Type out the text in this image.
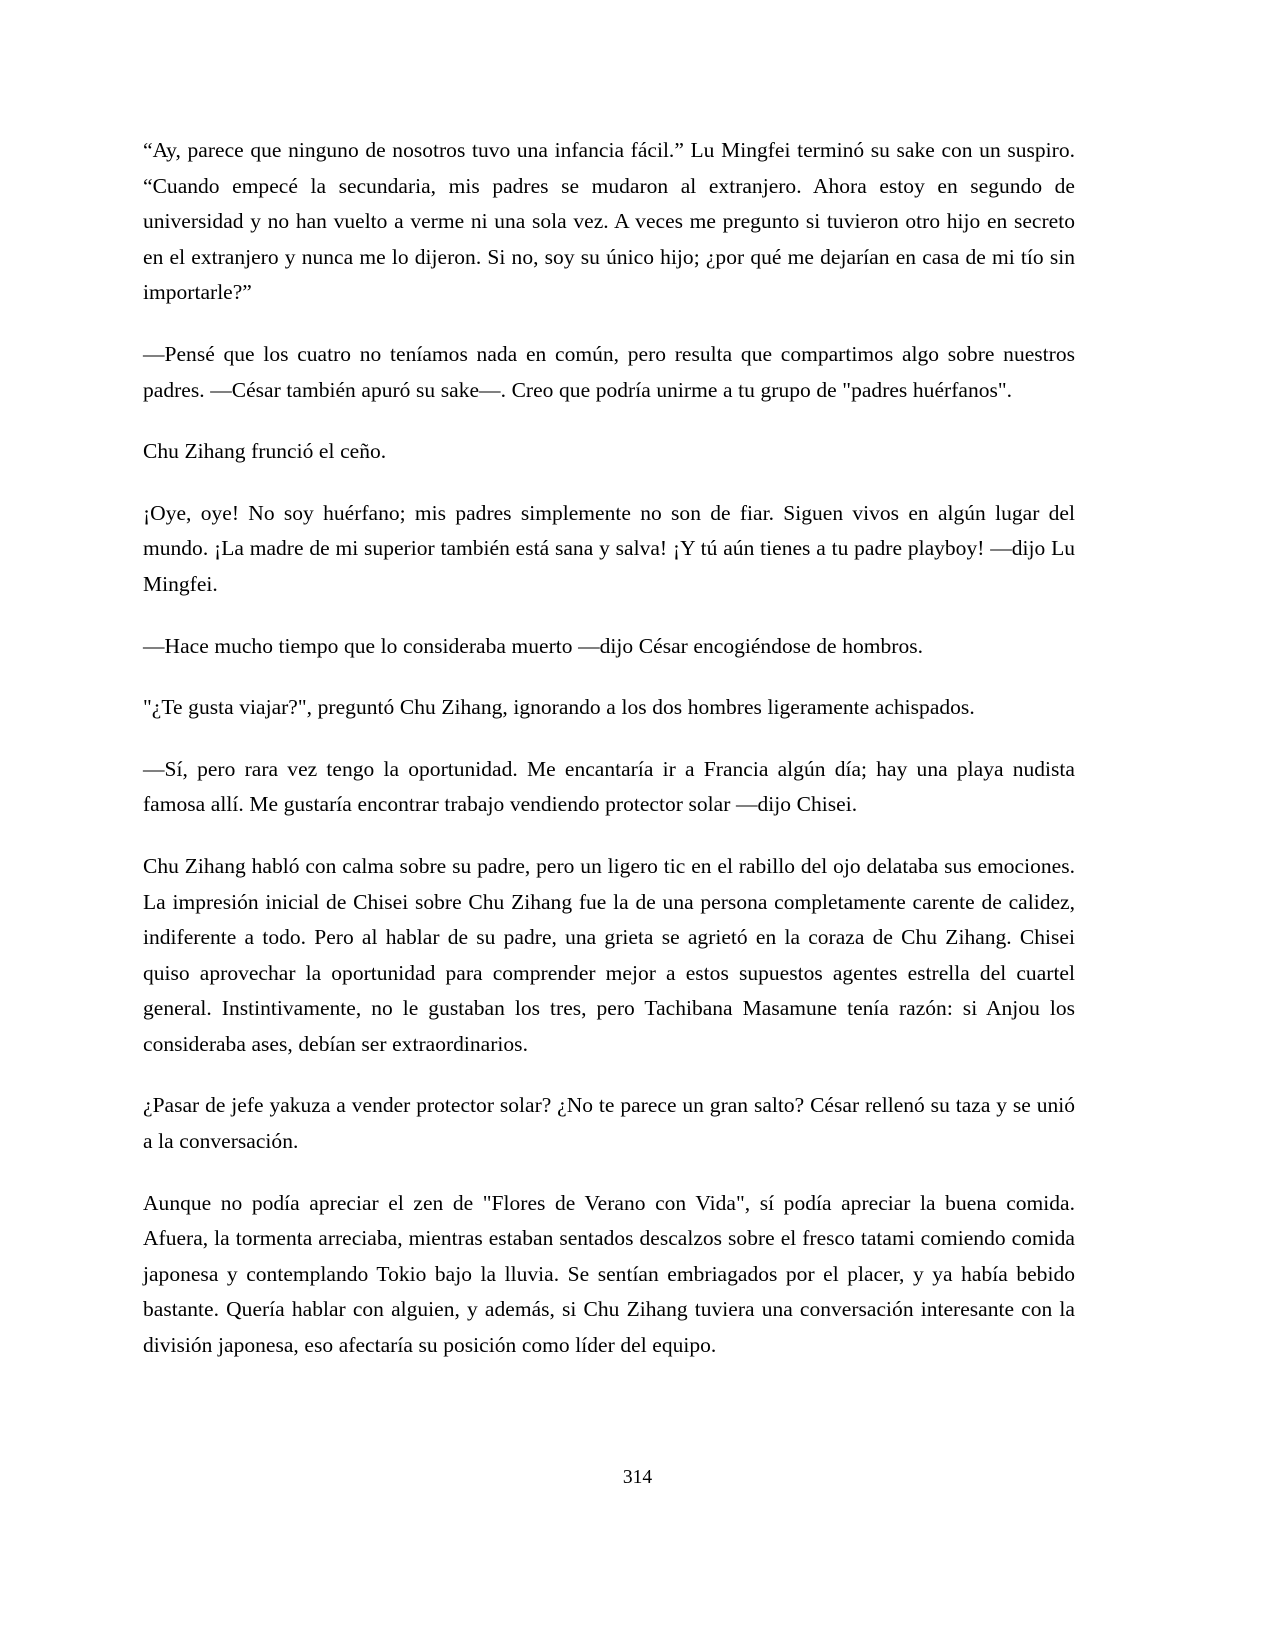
“Ay, parece que ninguno de nosotros tuvo una infancia fácil.” Lu Mingfei terminó su sake con un suspiro. “Cuando empecé la secundaria, mis padres se mudaron al extranjero. Ahora estoy en segundo de universidad y no han vuelto a verme ni una sola vez. A veces me pregunto si tuvieron otro hijo en secreto en el extranjero y nunca me lo dijeron. Si no, soy su único hijo; ¿por qué me dejarían en casa de mi tío sin importarle?”

—Pensé que los cuatro no teníamos nada en común, pero resulta que compartimos algo sobre nuestros padres. —César también apuró su sake—. Creo que podría unirme a tu grupo de "padres huérfanos".

Chu Zihang frunció el ceño.

¡Oye, oye! No soy huérfano; mis padres simplemente no son de fiar. Siguen vivos en algún lugar del mundo. ¡La madre de mi superior también está sana y salva! ¡Y tú aún tienes a tu padre playboy! —dijo Lu Mingfei.

—Hace mucho tiempo que lo consideraba muerto —dijo César encogiéndose de hombros.

"¿Te gusta viajar?", preguntó Chu Zihang, ignorando a los dos hombres ligeramente achispados.

—Sí, pero rara vez tengo la oportunidad. Me encantaría ir a Francia algún día; hay una playa nudista famosa allí. Me gustaría encontrar trabajo vendiendo protector solar —dijo Chisei.

Chu Zihang habló con calma sobre su padre, pero un ligero tic en el rabillo del ojo delataba sus emociones. La impresión inicial de Chisei sobre Chu Zihang fue la de una persona completamente carente de calidez, indiferente a todo. Pero al hablar de su padre, una grieta se agrietó en la coraza de Chu Zihang. Chisei quiso aprovechar la oportunidad para comprender mejor a estos supuestos agentes estrella del cuartel general. Instintivamente, no le gustaban los tres, pero Tachibana Masamune tenía razón: si Anjou los consideraba ases, debían ser extraordinarios.

¿Pasar de jefe yakuza a vender protector solar? ¿No te parece un gran salto? César rellenó su taza y se unió a la conversación.

Aunque no podía apreciar el zen de "Flores de Verano con Vida", sí podía apreciar la buena comida. Afuera, la tormenta arreciaba, mientras estaban sentados descalzos sobre el fresco tatami comiendo comida japonesa y contemplando Tokio bajo la lluvia. Se sentían embriagados por el placer, y ya había bebido bastante. Quería hablar con alguien, y además, si Chu Zihang tuviera una conversación interesante con la división japonesa, eso afectaría su posición como líder del equipo.

314
